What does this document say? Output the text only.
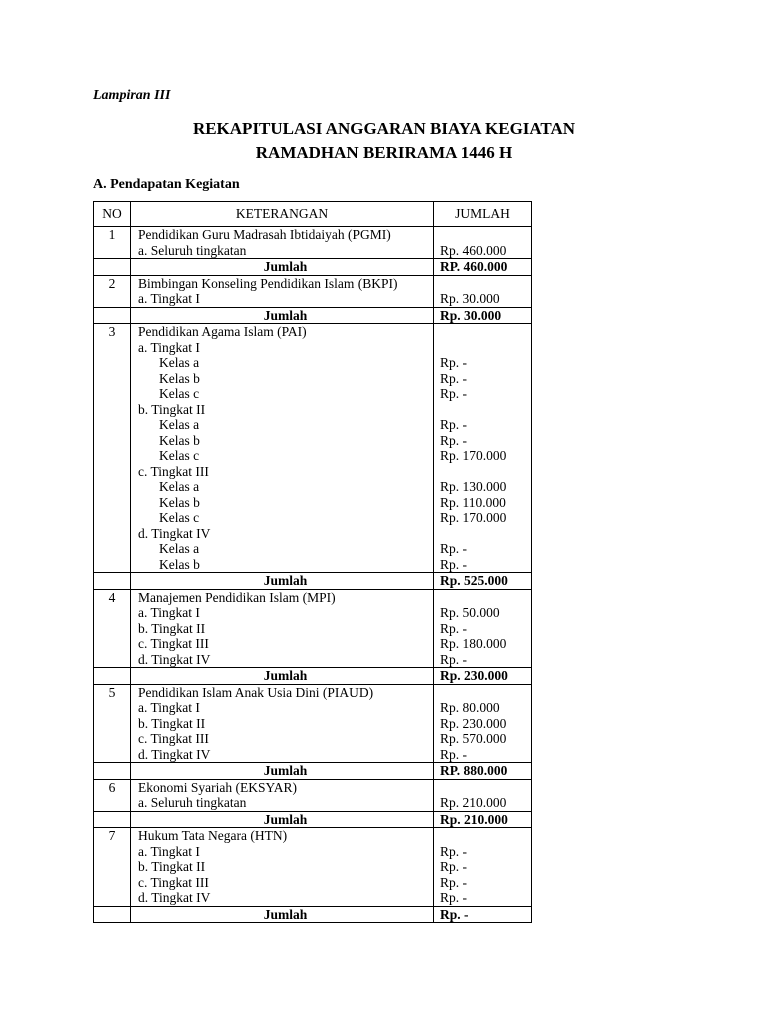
Lampiran III
REKAPITULASI ANGGARAN BIAYA KEGIATAN
RAMADHAN BERIRAMA 1446 H
A. Pendapatan Kegiatan
NO	KETERANGAN	JUMLAH
1	Pendidikan Guru Madrasah Ibtidaiyah (PGMI)	
	a. Seluruh tingkatan	Rp. 460.000
	Jumlah	RP. 460.000
2	Bimbingan Konseling Pendidikan Islam (BKPI)	
	a. Tingkat I	Rp. 30.000
	Jumlah	Rp. 30.000
3	Pendidikan Agama Islam (PAI)	
	a. Tingkat I	
	Kelas a	Rp. -
	Kelas b	Rp. -
	Kelas c	Rp. -
	b. Tingkat II	
	Kelas a	Rp. -
	Kelas b	Rp. -
	Kelas c	Rp. 170.000
	c. Tingkat III	
	Kelas a	Rp. 130.000
	Kelas b	Rp. 110.000
	Kelas c	Rp. 170.000
	d. Tingkat IV	
	Kelas a	Rp. -
	Kelas b	Rp. -
	Jumlah	Rp. 525.000
4	Manajemen Pendidikan Islam (MPI)	
	a. Tingkat I	Rp. 50.000
	b. Tingkat II	Rp. -
	c. Tingkat III	Rp. 180.000
	d. Tingkat IV	Rp. -
	Jumlah	Rp. 230.000
5	Pendidikan Islam Anak Usia Dini (PIAUD)	
	a. Tingkat I	Rp. 80.000
	b. Tingkat II	Rp. 230.000
	c. Tingkat III	Rp. 570.000
	d. Tingkat IV	Rp. -
	Jumlah	RP. 880.000
6	Ekonomi Syariah (EKSYAR)	
	a. Seluruh tingkatan	Rp. 210.000
	Jumlah	Rp. 210.000
7	Hukum Tata Negara (HTN)	
	a. Tingkat I	Rp. -
	b. Tingkat II	Rp. -
	c. Tingkat III	Rp. -
	d. Tingkat IV	Rp. -
	Jumlah	Rp. -
